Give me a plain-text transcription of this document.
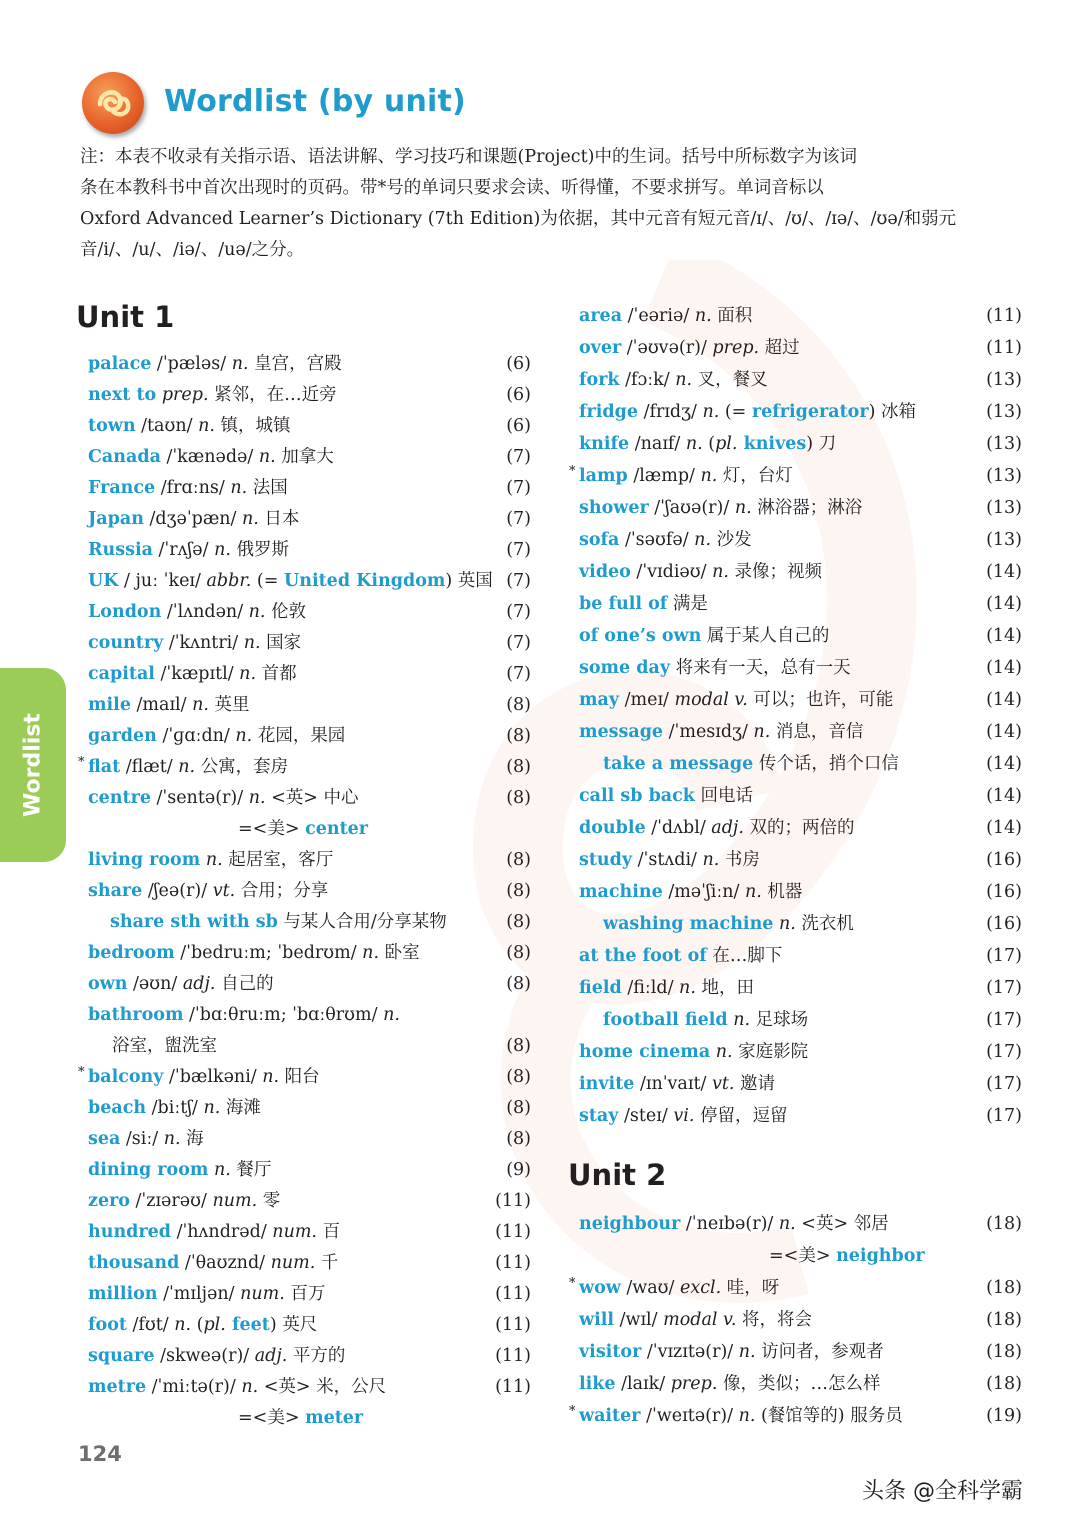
Wordlist (by unit)

注：本表不收录有关指示语、语法讲解、学习技巧和课题(Project)中的生词。括号中所标数字为该词

条在本教科书中首次出现时的页码。带*号的单词只要求会读、听得懂，不要求拼写。单词音标以

Oxford Advanced Learner’s Dictionary (7th Edition)为依据，其中元音有短元音/ɪ/、/ʊ/、/ɪə/、/ʊə/和弱元

音/i/、/u/、/iə/、/uə/之分。

Wordlist
Unit 1
Unit 2
palace /ˈpæləs/ n. 皇宫，宫殿	(6)
next to prep. 紧邻，在…近旁	(6)
town /taʊn/ n. 镇，城镇	(6)
Canada /ˈkænədə/ n. 加拿大	(7)
France /frɑːns/ n. 法国	(7)
Japan /dʒəˈpæn/ n. 日本	(7)
Russia /ˈrʌʃə/ n. 俄罗斯	(7)
UK / juː ˈkeɪ/ abbr. (= United Kingdom) 英国 (7)
London /ˈlʌndən/ n. 伦敦	(7)
country /ˈkʌntri/ n. 国家	(7)
capital /ˈkæpɪtl/ n. 首都	(7)
mile /maɪl/ n. 英里	(8)
garden /ˈɡɑːdn/ n. 花园，果园	(8)
* flat /flæt/ n. 公寓，套房	(8)
centre /ˈsentə(r)/ n. <英> 中心	(8)
=<美> center
living room n. 起居室，客厅	(8)
share /ʃeə(r)/ vt. 合用；分享	(8)
share sth with sb 与某人合用/分享某物	(8)
bedroom /ˈbedruːm; ˈbedrʊm/ n. 卧室	(8)
own /əʊn/ adj. 自己的	(8)
bathroom /ˈbɑːθruːm; ˈbɑːθrʊm/ n.
浴室，盥洗室	(8)
* balcony /ˈbælkəni/ n. 阳台	(8)
beach /biːtʃ/ n. 海滩	(8)
sea /siː/ n. 海	(8)
dining room n. 餐厅	(9)
zero /ˈzɪərəʊ/ num. 零	(11)
hundred /ˈhʌndrəd/ num. 百	(11)
thousand /ˈθaʊznd/ num. 千	(11)
million /ˈmɪljən/ num. 百万	(11)
foot /fʊt/ n. (pl. feet) 英尺	(11)
square /skweə(r)/ adj. 平方的	(11)
metre /ˈmiːtə(r)/ n. <英> 米，公尺	(11)
=<美> meter
area /ˈeəriə/ n. 面积	(11)
over /ˈəʊvə(r)/ prep. 超过	(11)
fork /fɔːk/ n. 叉，餐叉	(13)
fridge /frɪdʒ/ n. (= refrigerator) 冰箱	(13)
knife /naɪf/ n. (pl. knives) 刀	(13)
* lamp /læmp/ n. 灯，台灯	(13)
shower /ˈʃaʊə(r)/ n. 淋浴器；淋浴	(13)
sofa /ˈsəʊfə/ n. 沙发	(13)
video /ˈvɪdiəʊ/ n. 录像；视频	(14)
be full of 满是	(14)
of one’s own 属于某人自己的	(14)
some day 将来有一天，总有一天	(14)
may /meɪ/ modal v. 可以；也许，可能	(14)
message /ˈmesɪdʒ/ n. 消息，音信	(14)
take a message 传个话，捎个口信	(14)
call sb back 回电话	(14)
double /ˈdʌbl/ adj. 双的；两倍的	(14)
study /ˈstʌdi/ n. 书房	(16)
machine /məˈʃiːn/ n. 机器	(16)
washing machine n. 洗衣机	(16)
at the foot of 在…脚下	(17)
field /fiːld/ n. 地，田	(17)
football field n. 足球场	(17)
home cinema n. 家庭影院	(17)
invite /ɪnˈvaɪt/ vt. 邀请	(17)
stay /steɪ/ vi. 停留，逗留	(17)
neighbour /ˈneɪbə(r)/ n. <英> 邻居	(18)
=<美> neighbor
* wow /waʊ/ excl. 哇，呀	(18)
will /wɪl/ modal v. 将，将会	(18)
visitor /ˈvɪzɪtə(r)/ n. 访问者，参观者	(18)
like /laɪk/ prep. 像，类似；…怎么样	(18)
* waiter /ˈweɪtə(r)/ n. (餐馆等的) 服务员	(19)
124
头条 @全科学霸
